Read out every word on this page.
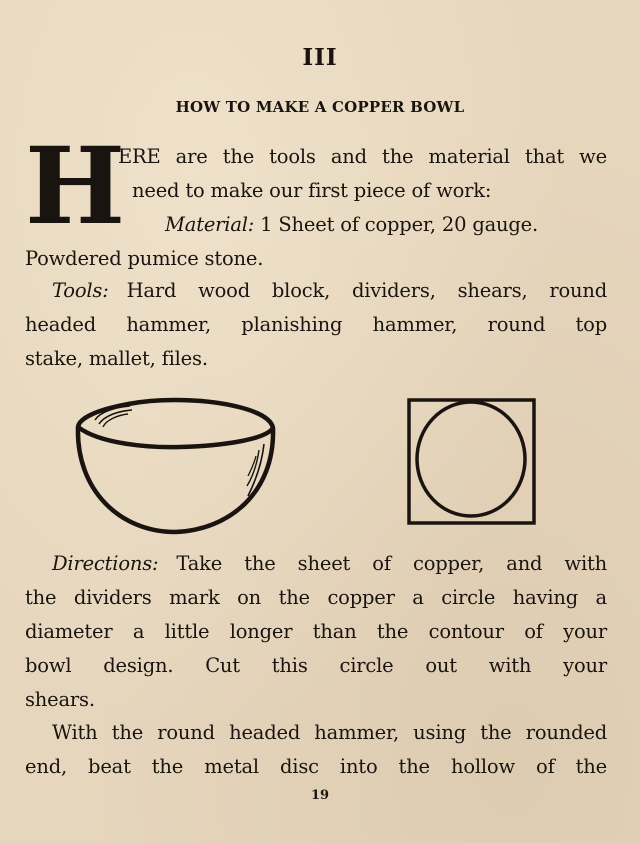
III
HOW TO MAKE A COPPER BOWL
H
ERE are the tools and the material that we
need to make our first piece of work:
Material: 1 Sheet of copper, 20 gauge.
Powdered pumice stone.
Tools: Hard wood block, dividers, shears, round
headed hammer, planishing hammer, round top
stake, mallet, files.
Directions: Take the sheet of copper, and with
the dividers mark on the copper a circle having a
diameter a little longer than the contour of your
bowl design. Cut this circle out with your
shears.
With the round headed hammer, using the rounded
end, beat the metal disc into the hollow of the
19
